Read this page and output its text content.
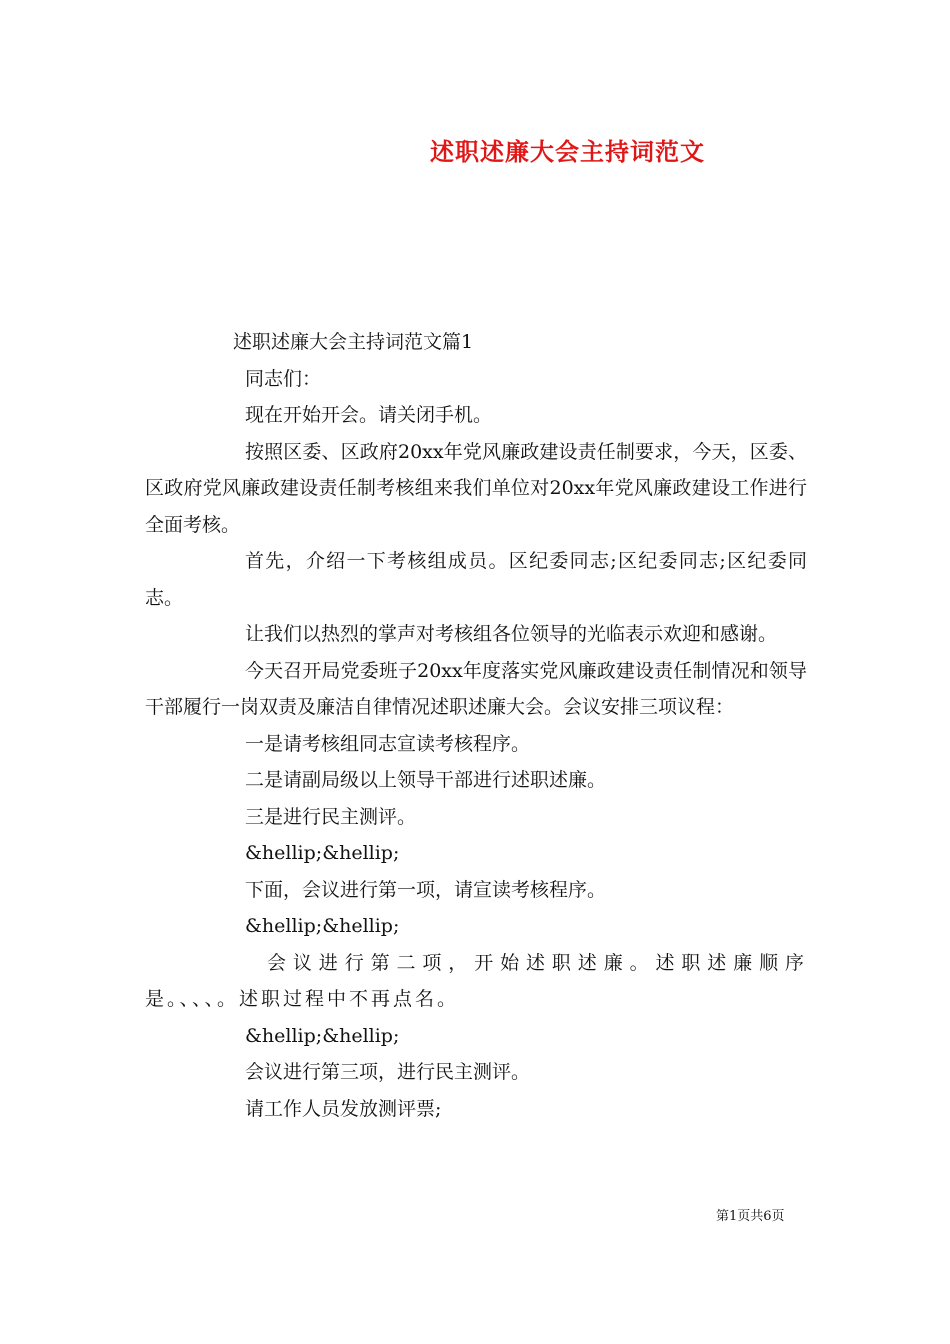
述职述廉大会主持词范文

述职述廉大会主持词范文篇1

同志们：

现在开始开会。请关闭手机。

按照区委、区政府20xx年党风廉政建设责任制要求，今天，区委、区政府党风廉政建设责任制考核组来我们单位对20xx年党风廉政建设工作进行全面考核。

首先，介绍一下考核组成员。区纪委同志;区纪委同志;区纪委同志。

让我们以热烈的掌声对考核组各位领导的光临表示欢迎和感谢。

今天召开局党委班子20xx年度落实党风廉政建设责任制情况和领导干部履行一岗双责及廉洁自律情况述职述廉大会。会议安排三项议程：

一是请考核组同志宣读考核程序。

二是请副局级以上领导干部进行述职述廉。

三是进行民主测评。

&hellip;&hellip;

下面，会议进行第一项，请宣读考核程序。

&hellip;&hellip;

会议进行第二项，开始述职述廉。述职述廉顺序是。、、、。述职过程中不再点名。

&hellip;&hellip;

会议进行第三项，进行民主测评。

请工作人员发放测评票;

第1页共6页
